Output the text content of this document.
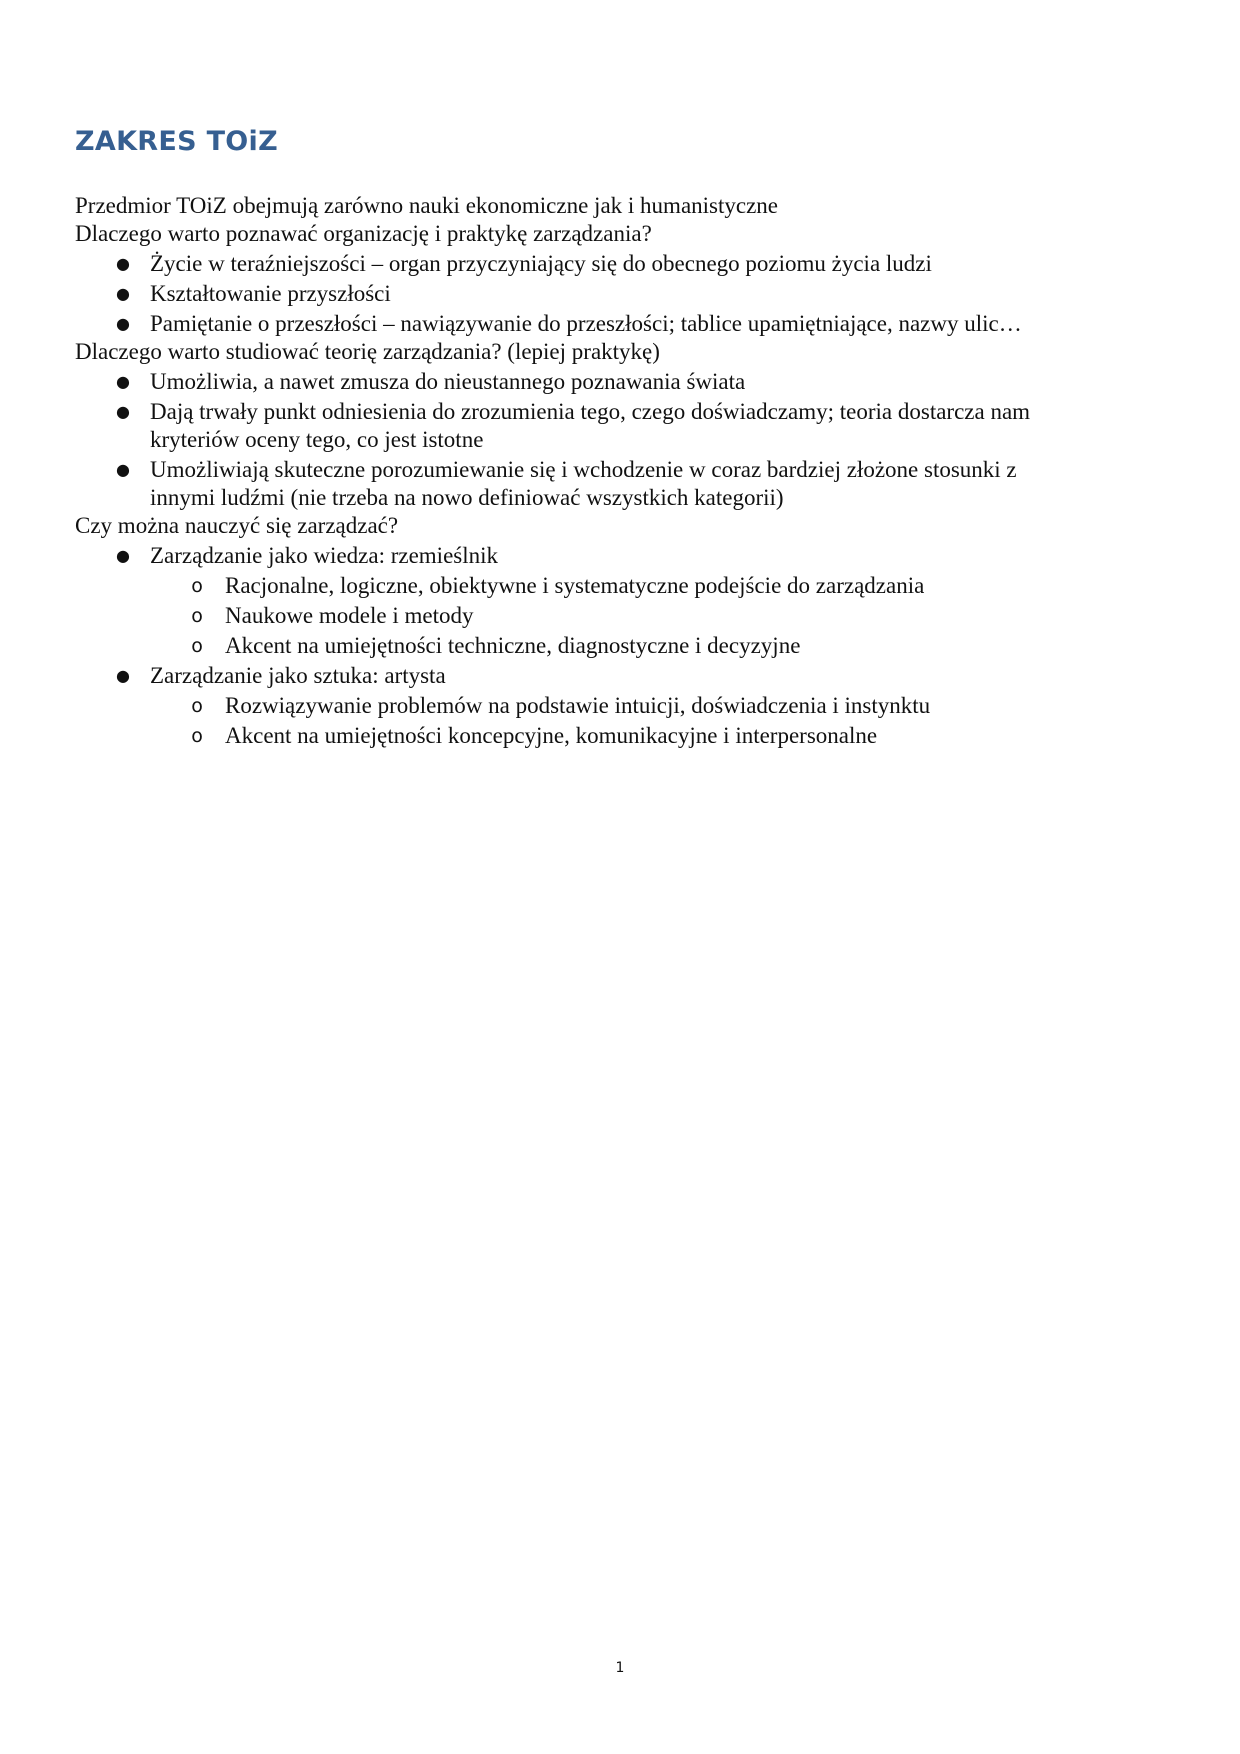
ZAKRES TOiZ

Przedmior TOiZ obejmują zarówno nauki ekonomiczne jak i humanistyczne

Dlaczego warto poznawać organizację i praktykę zarządzania?

● Życie w teraźniejszości – organ przyczyniający się do obecnego poziomu życia ludzi
● Kształtowanie przyszłości
● Pamiętanie o przeszłości – nawiązywanie do przeszłości; tablice upamiętniające, nazwy ulic…

Dlaczego warto studiować teorię zarządzania? (lepiej praktykę)

● Umożliwia, a nawet zmusza do nieustannego poznawania świata
● Dają trwały punkt odniesienia do zrozumienia tego, czego doświadczamy; teoria dostarcza nam kryteriów oceny tego, co jest istotne
● Umożliwiają skuteczne porozumiewanie się i wchodzenie w coraz bardziej złożone stosunki z innymi ludźmi (nie trzeba na nowo definiować wszystkich kategorii)

Czy można nauczyć się zarządzać?

● Zarządzanie jako wiedza: rzemieślnik
o Racjonalne, logiczne, obiektywne i systematyczne podejście do zarządzania
o Naukowe modele i metody
o Akcent na umiejętności techniczne, diagnostyczne i decyzyjne
● Zarządzanie jako sztuka: artysta
o Rozwiązywanie problemów na podstawie intuicji, doświadczenia i instynktu
o Akcent na umiejętności koncepcyjne, komunikacyjne i interpersonalne
1
